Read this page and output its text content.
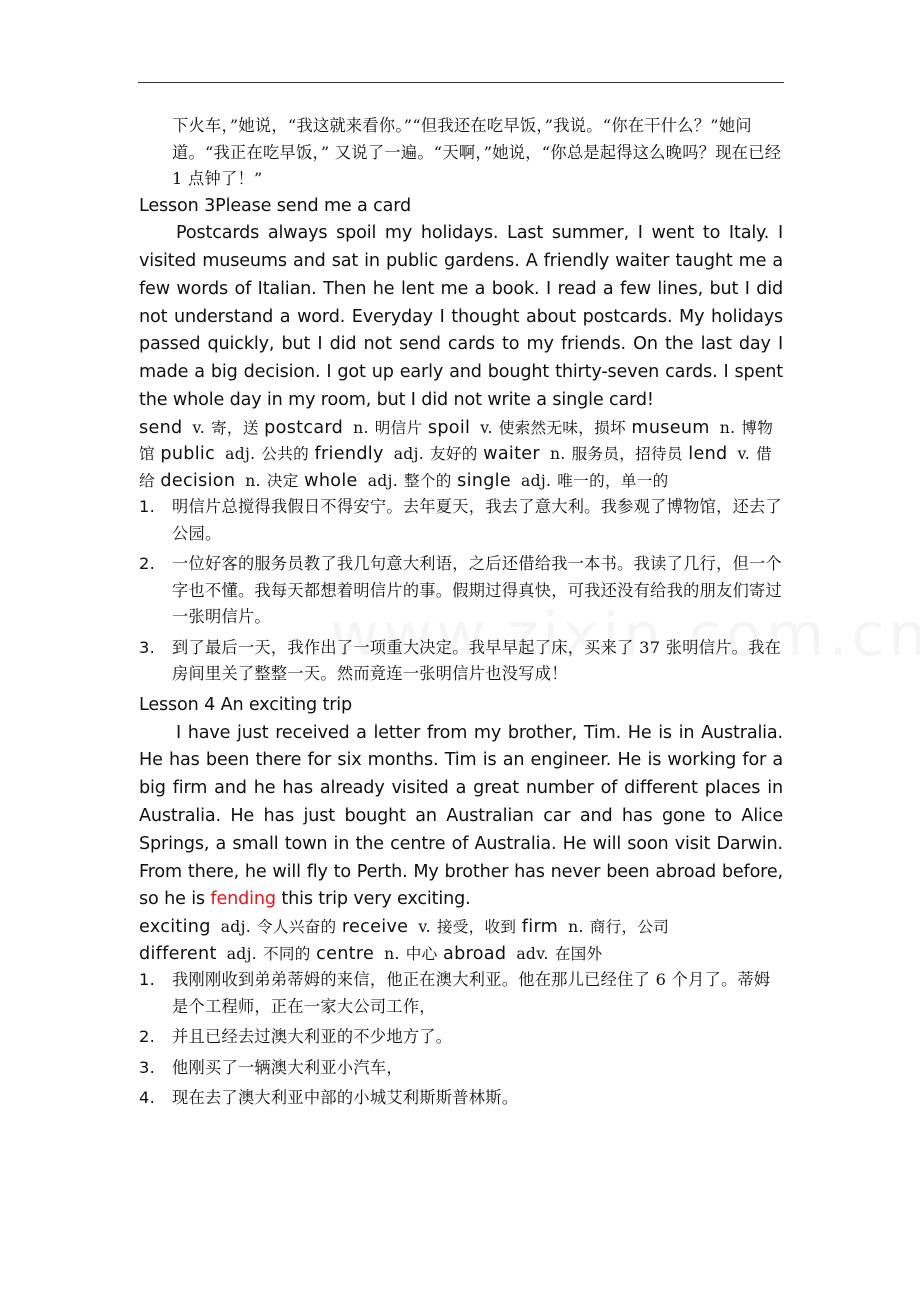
下火车，”她说，“我这就来看你。”“但我还在吃早饭，”我说。“你在干什么？”她问道。“我正在吃早饭，” 又说了一遍。“天啊，”她说，“你总是起得这么晚吗？现在已经 1 点钟了！”

Lesson 3Please send me a card

Postcards always spoil my holidays. Last summer, I went to Italy. I visited museums and sat in public gardens. A friendly waiter taught me a few words of Italian. Then he lent me a book. I read a few lines, but I did not understand a word. Everyday I thought about postcards. My holidays passed quickly, but I did not send cards to my friends. On the last day I made a big decision. I got up early and bought thirty-seven cards. I spent the whole day in my room, but I did not write a single card!

send v. 寄，送 postcard n. 明信片 spoil v. 使索然无味，损坏 museum n. 博物馆 public adj. 公共的 friendly adj. 友好的 waiter n. 服务员，招待员 lend v. 借给 decision n. 决定 whole adj. 整个的 single adj. 唯一的，单一的

1. 明信片总搅得我假日不得安宁。去年夏天，我去了意大利。我参观了博物馆，还去了公园。
2. 一位好客的服务员教了我几句意大利语，之后还借给我一本书。我读了几行，但一个字也不懂。我每天都想着明信片的事。假期过得真快，可我还没有给我的朋友们寄过一张明信片。
3. 到了最后一天，我作出了一项重大决定。我早早起了床，买来了 37 张明信片。我在房间里关了整整一天。然而竟连一张明信片也没写成！

Lesson 4 An exciting trip

I have just received a letter from my brother, Tim. He is in Australia. He has been there for six months. Tim is an engineer. He is working for a big firm and he has already visited a great number of different places in Australia. He has just bought an Australian car and has gone to Alice Springs, a small town in the centre of Australia. He will soon visit Darwin. From there, he will fly to Perth. My brother has never been abroad before, so he is fending this trip very exciting.

exciting adj. 令人兴奋的 receive v. 接受，收到 firm n. 商行，公司 different adj. 不同的 centre n. 中心 abroad adv. 在国外

1. 我刚刚收到弟弟蒂姆的来信，他正在澳大利亚。他在那儿已经住了 6 个月了。蒂姆是个工程师，正在一家大公司工作，
2. 并且已经去过澳大利亚的不少地方了。
3. 他刚买了一辆澳大利亚小汽车，
4. 现在去了澳大利亚中部的小城艾利斯斯普林斯。
